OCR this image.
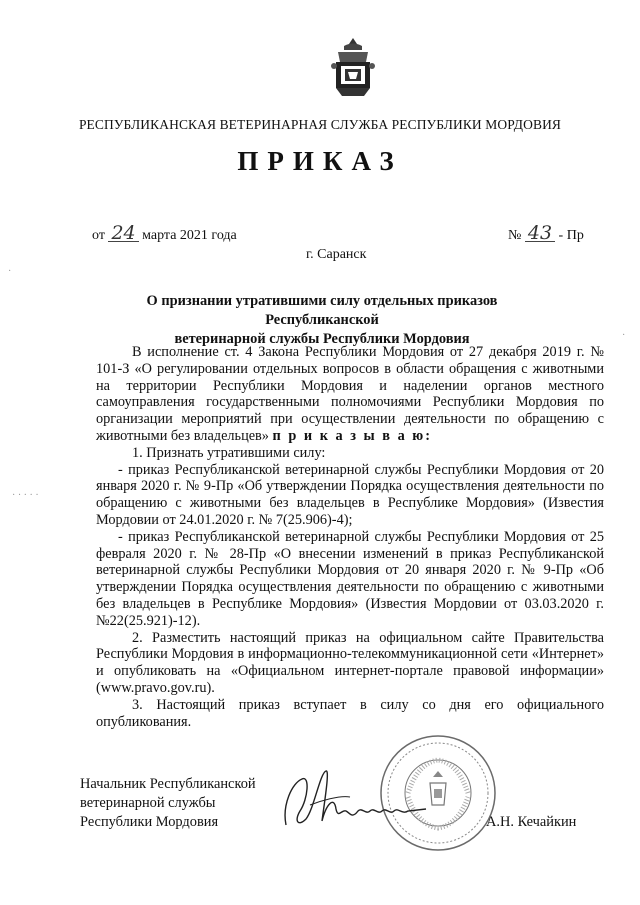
РЕСПУБЛИКАНСКАЯ ВЕТЕРИНАРНАЯ СЛУЖБА РЕСПУБЛИКИ МОРДОВИЯ
ПРИКАЗ
от 24 марта 2021 года	№ 43 - Пр
г. Саранск
О признании утратившими силу отдельных приказов Республиканской
ветеринарной службы Республики Мордовия

В исполнение ст. 4 Закона Республики Мордовия от 27 декабря 2019 г. № 101-З «О регулировании отдельных вопросов в области обращения с животными на территории Республики Мордовия и наделении органов местного самоуправления государственными полномочиями Республики Мордовия по организации мероприятий при осуществлении деятельности по обращению с животными без владельцев» п р и к а з ы в а ю:

1. Признать утратившими силу:

- приказ Республиканской ветеринарной службы Республики Мордовия от 20 января 2020 г. № 9-Пр «Об утверждении Порядка осуществления деятельности по обращению с животными без владельцев в Республике Мордовия» (Известия Мордовии от 24.01.2020 г. № 7(25.906)-4);

- приказ Республиканской ветеринарной службы Республики Мордовия от 25 февраля 2020 г. № 28-Пр «О внесении изменений в приказ Республиканской ветеринарной службы Республики Мордовия от 20 января 2020 г. № 9-Пр «Об утверждении Порядка осуществления деятельности по обращению с животными без владельцев в Республике Мордовия» (Известия Мордовии от 03.03.2020 г. №22(25.921)-12).

2. Разместить настоящий приказ на официальном сайте Правительства Республики Мордовия в информационно-телекоммуникационной сети «Интернет» и опубликовать на «Официальном интернет-портале правовой информации» (www.pravo.gov.ru).

3. Настоящий приказ вступает в силу со дня его официального опубликования.

Начальник Республиканской
ветеринарной службы
Республики Мордовия	А.Н. Кечайкин
· · · · ·
·
·
